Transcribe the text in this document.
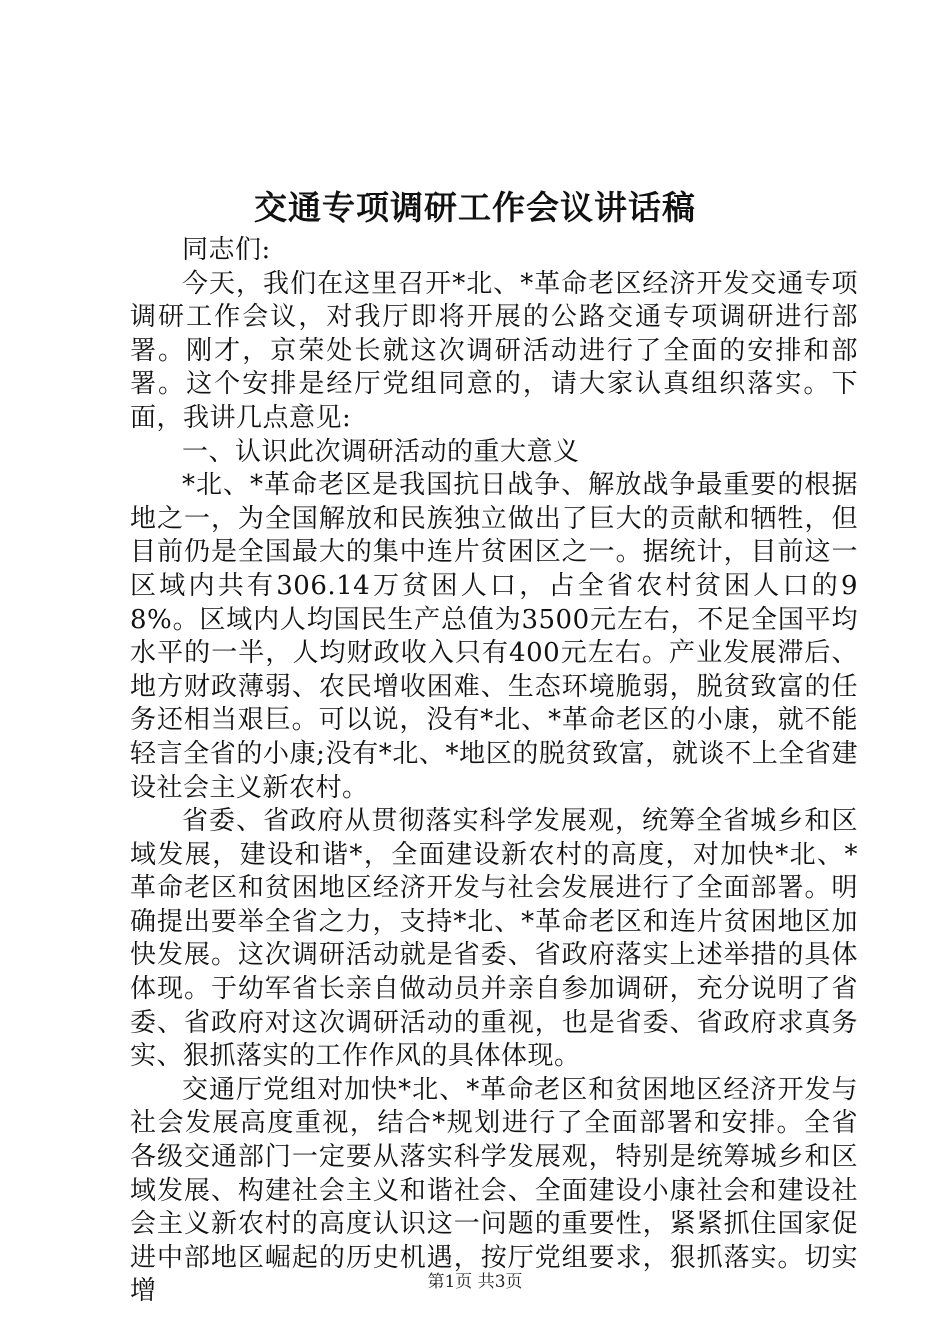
交通专项调研工作会议讲话稿

同志们:

今天，我们在这里召开*北、*革命老区经济开发交通专项调研工作会议，对我厅即将开展的公路交通专项调研进行部署。刚才，京荣处长就这次调研活动进行了全面的安排和部署。这个安排是经厅党组同意的，请大家认真组织落实。下面，我讲几点意见:

一、认识此次调研活动的重大意义

*北、*革命老区是我国抗日战争、解放战争最重要的根据地之一，为全国解放和民族独立做出了巨大的贡献和牺牲，但目前仍是全国最大的集中连片贫困区之一。据统计，目前这一区域内共有306.14万贫困人口，占全省农村贫困人口的98%。区域内人均国民生产总值为3500元左右，不足全国平均水平的一半，人均财政收入只有400元左右。产业发展滞后、地方财政薄弱、农民增收困难、生态环境脆弱，脱贫致富的任务还相当艰巨。可以说，没有*北、*革命老区的小康，就不能轻言全省的小康;没有*北、*地区的脱贫致富，就谈不上全省建设社会主义新农村。

省委、省政府从贯彻落实科学发展观，统筹全省城乡和区域发展，建设和谐*，全面建设新农村的高度，对加快*北、*革命老区和贫困地区经济开发与社会发展进行了全面部署。明确提出要举全省之力，支持*北、*革命老区和连片贫困地区加快发展。这次调研活动就是省委、省政府落实上述举措的具体体现。于幼军省长亲自做动员并亲自参加调研，充分说明了省委、省政府对这次调研活动的重视，也是省委、省政府求真务实、狠抓落实的工作作风的具体体现。

交通厅党组对加快*北、*革命老区和贫困地区经济开发与社会发展高度重视，结合*规划进行了全面部署和安排。全省各级交通部门一定要从落实科学发展观，特别是统筹城乡和区域发展、构建社会主义和谐社会、全面建设小康社会和建设社会主义新农村的高度认识这一问题的重要性，紧紧抓住国家促进中部地区崛起的历史机遇，按厅党组要求，狠抓落实。切实增	第1页 共3页
